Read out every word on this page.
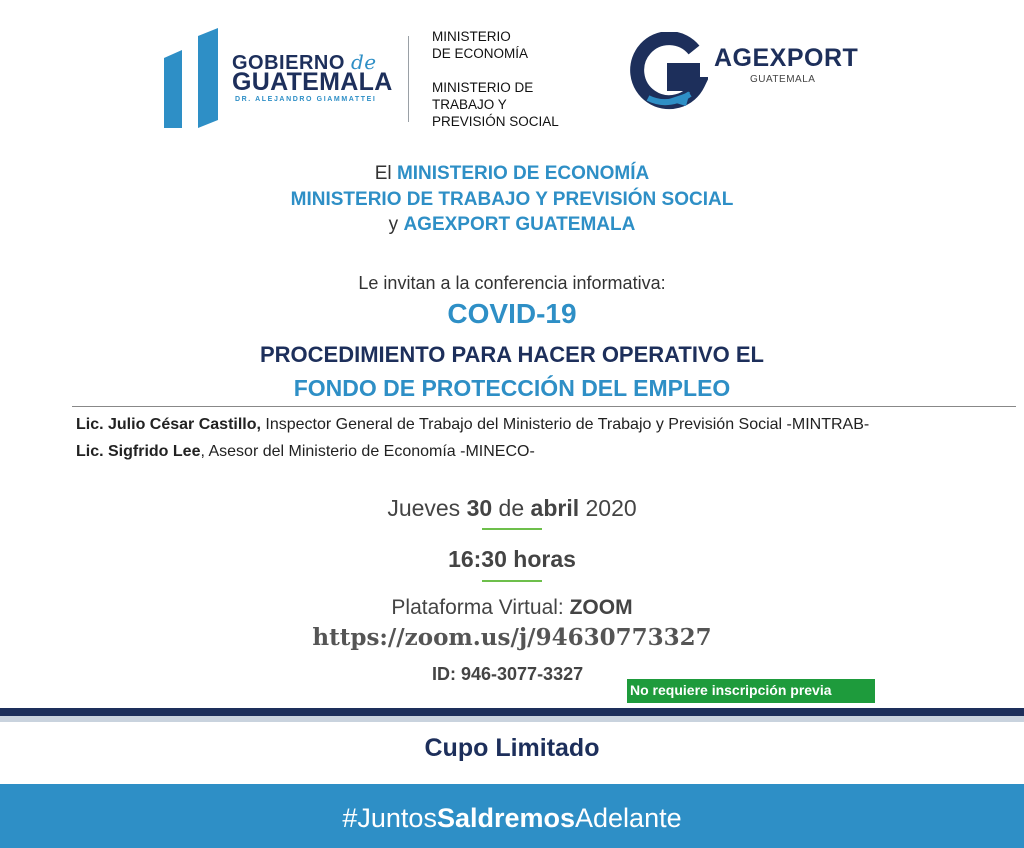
GOBIERNO de
GUATEMALA
DR. ALEJANDRO GIAMMATTEI
MINISTERIO
DE ECONOMÍA
MINISTERIO DE
TRABAJO Y
PREVISIÓN SOCIAL
AGEXPORT
GUATEMALA
El MINISTERIO DE ECONOMÍA
MINISTERIO DE TRABAJO Y PREVISIÓN SOCIAL
y AGEXPORT GUATEMALA
Le invitan a la conferencia informativa:
COVID-19
PROCEDIMIENTO PARA HACER OPERATIVO EL
FONDO DE PROTECCIÓN DEL EMPLEO
Lic. Julio César Castillo, Inspector General de Trabajo del Ministerio de Trabajo y Previsión Social -MINTRAB-
Lic. Sigfrido Lee, Asesor del Ministerio de Economía -MINECO-
Jueves 30 de abril 2020
16:30 horas
Plataforma Virtual: ZOOM
https://zoom.us/j/94630773327
ID: 946-3077-3327
No requiere inscripción previa
Cupo Limitado
#JuntosSaldremosAdelante
